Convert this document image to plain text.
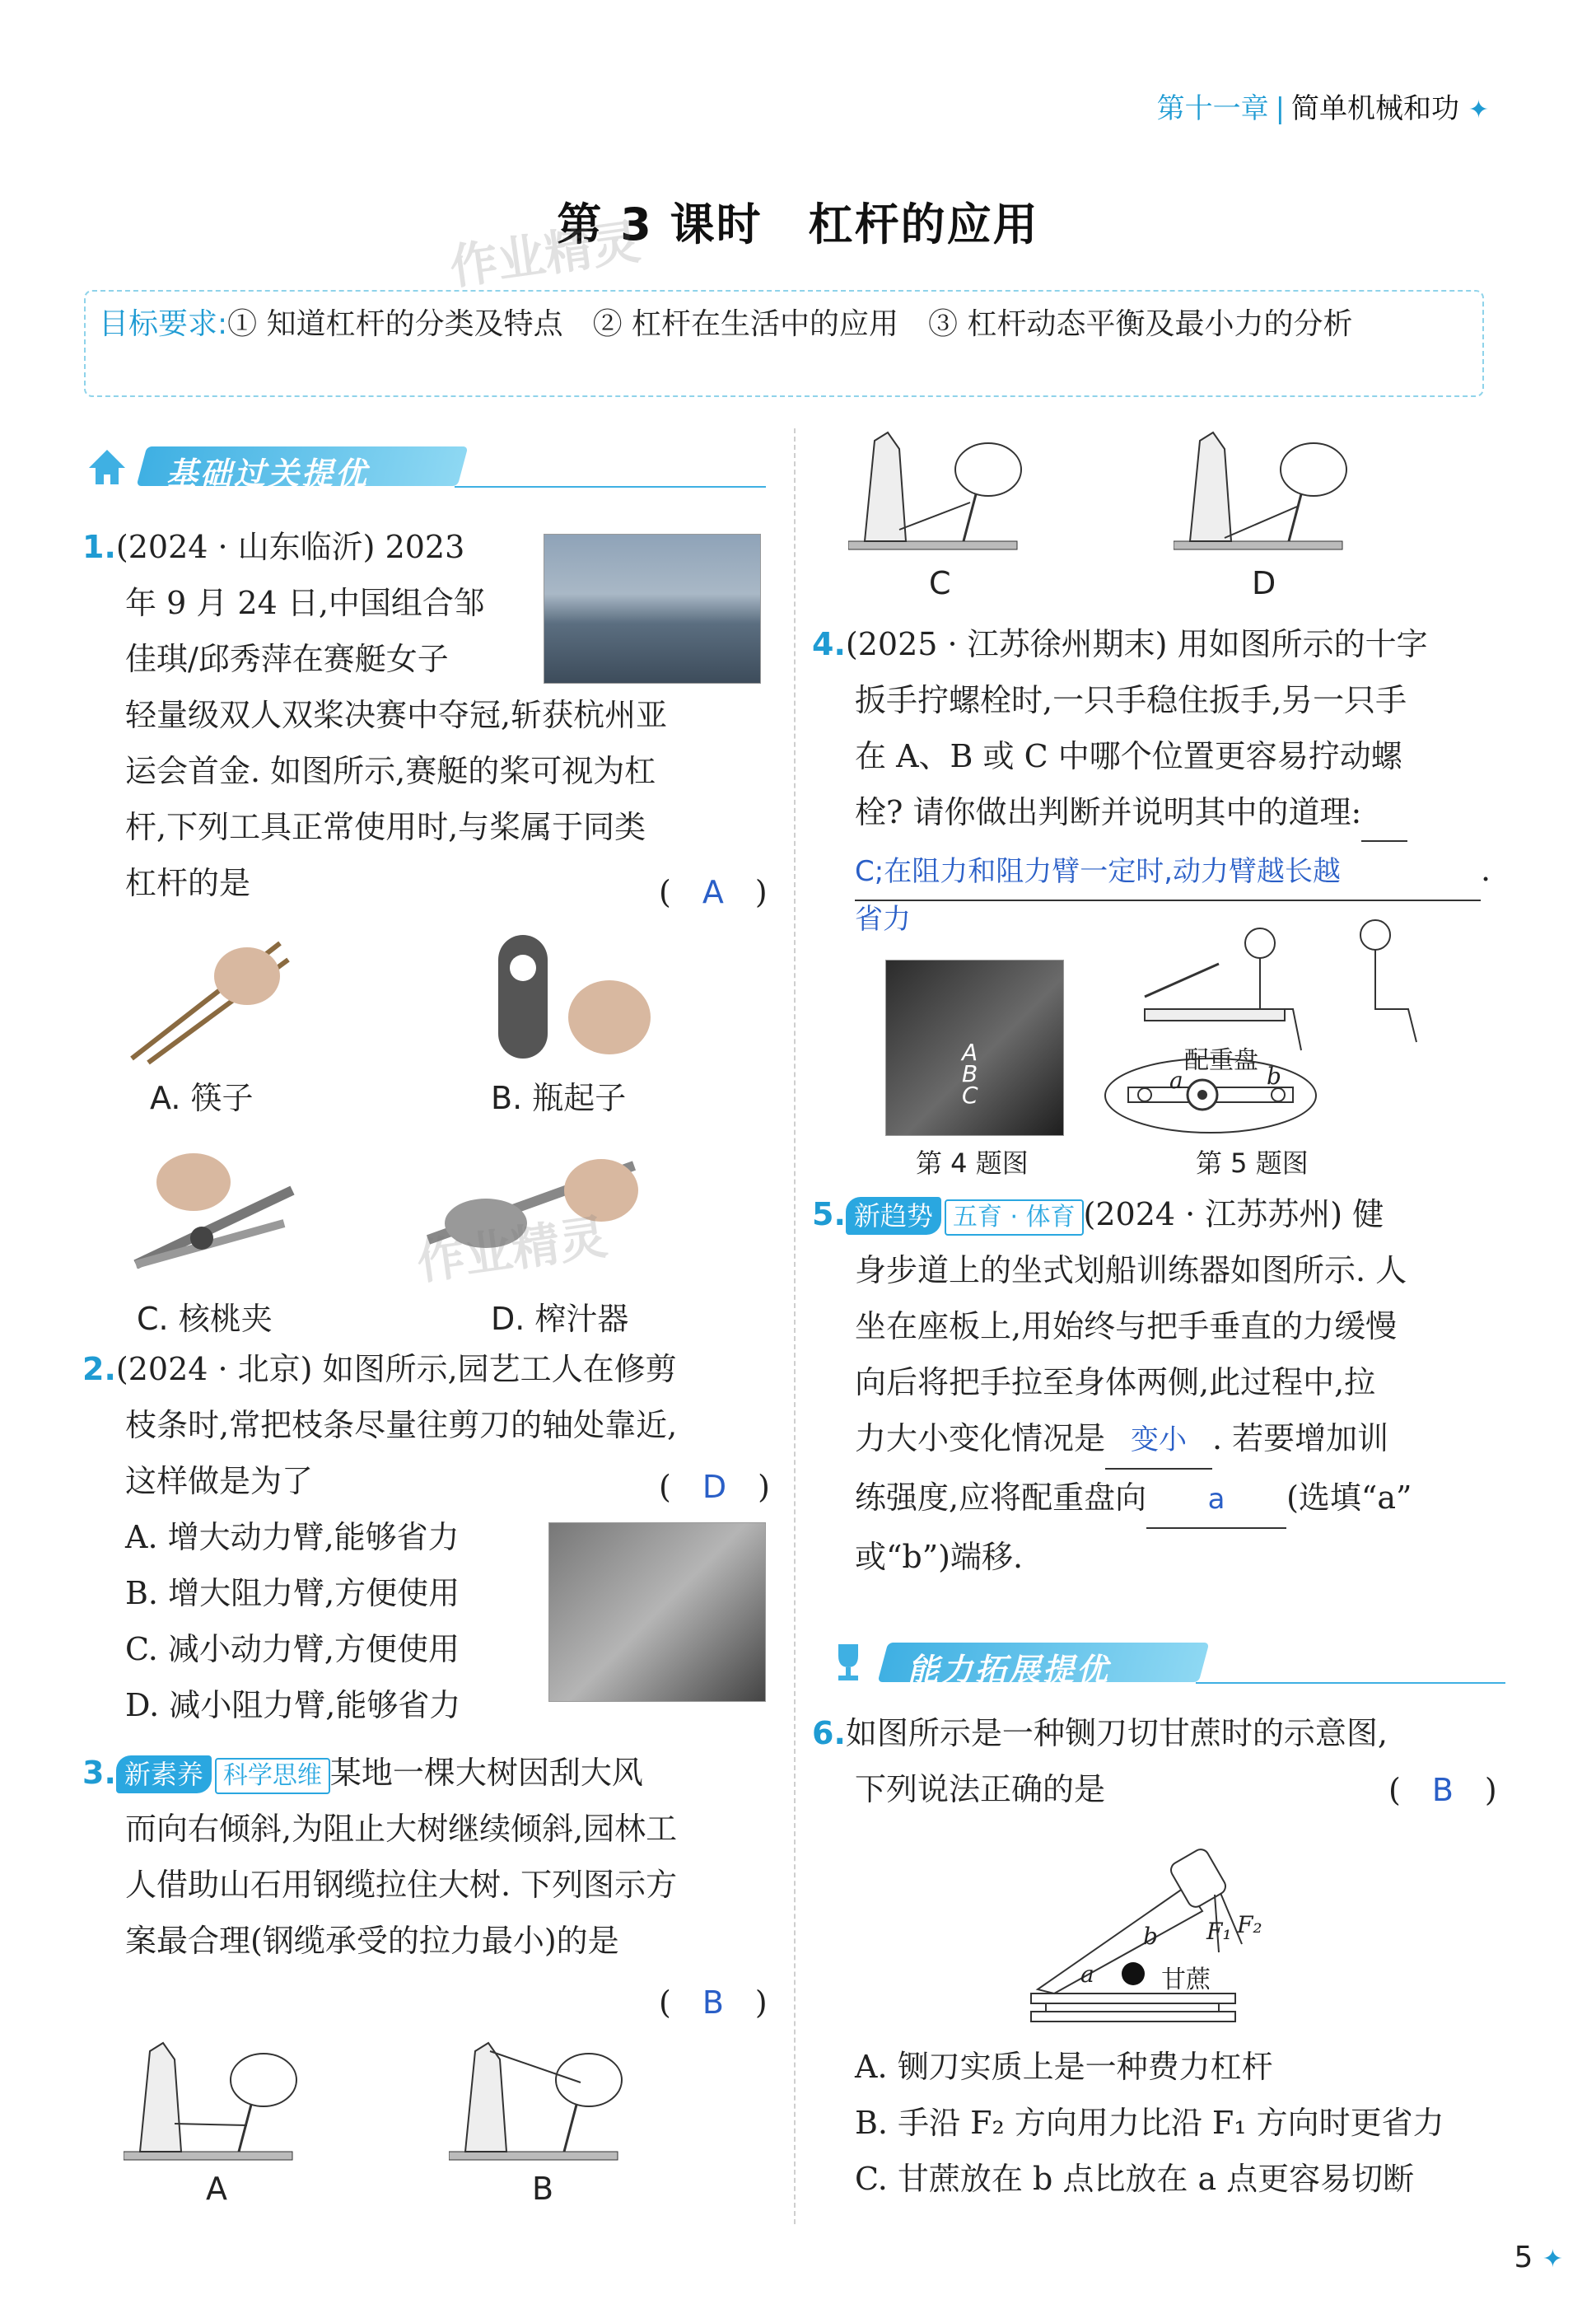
第十一章 | 简单机械和功 ✦
第 3 课时　杠杆的应用
作业精灵
目标要求:① 知道杠杆的分类及特点　② 杠杆在生活中的应用　③ 杠杆动态平衡及最小力的分析
基础过关提优
1.(2024 · 山东临沂) 2023
年 9 月 24 日,中国组合邹
佳琪/邱秀萍在赛艇女子
轻量级双人双桨决赛中夺冠,斩获杭州亚
运会首金. 如图所示,赛艇的桨可视为杠
杆,下列工具正常使用时,与桨属于同类
杠杆的是	(　A　)
A. 筷子	B. 瓶起子
作业精灵
C. 核桃夹	D. 榨汁器
2.(2024 · 北京) 如图所示,园艺工人在修剪
枝条时,常把枝条尽量往剪刀的轴处靠近,
这样做是为了
A. 增大动力臂,能够省力
B. 增大阻力臂,方便使用
C. 减小动力臂,方便使用
D. 减小阻力臂,能够省力
(　D　)
3. 新素养 科学思维 某地一棵大树因刮大风
而向右倾斜,为阻止大树继续倾斜,园林工
人借助山石用钢缆拉住大树. 下列图示方
案最合理(钢缆承受的拉力最小)的是
(　B　)
A	B
C	D
4.(2025 · 江苏徐州期末) 用如图所示的十字
扳手拧螺栓时,一只手稳住扳手,另一只手
在 A、B 或 C 中哪个位置更容易拧动螺
栓? 请你做出判断并说明其中的道理:
C;在阻力和阻力臂一定时,动力臂越长越	.
省力
A
B
C
第 4 题图
配重盘
a	b
第 5 题图
5. 新趋势 五育 · 体育 (2024 · 江苏苏州) 健
身步道上的坐式划船训练器如图所示. 人
坐在座板上,用始终与把手垂直的力缓慢
向后将把手拉至身体两侧,此过程中,拉
力大小变化情况是 变小 . 若要增加训
练强度,应将配重盘向 a (选填“a”
或“b”)端移.
能力拓展提优
6.如图所示是一种铡刀切甘蔗时的示意图,
下列说法正确的是	(　B　)
F₁ F₂
a
b
甘蔗
A. 铡刀实质上是一种费力杠杆
B. 手沿 F₂ 方向用力比沿 F₁ 方向时更省力
C. 甘蔗放在 b 点比放在 a 点更容易切断
5 ✦
